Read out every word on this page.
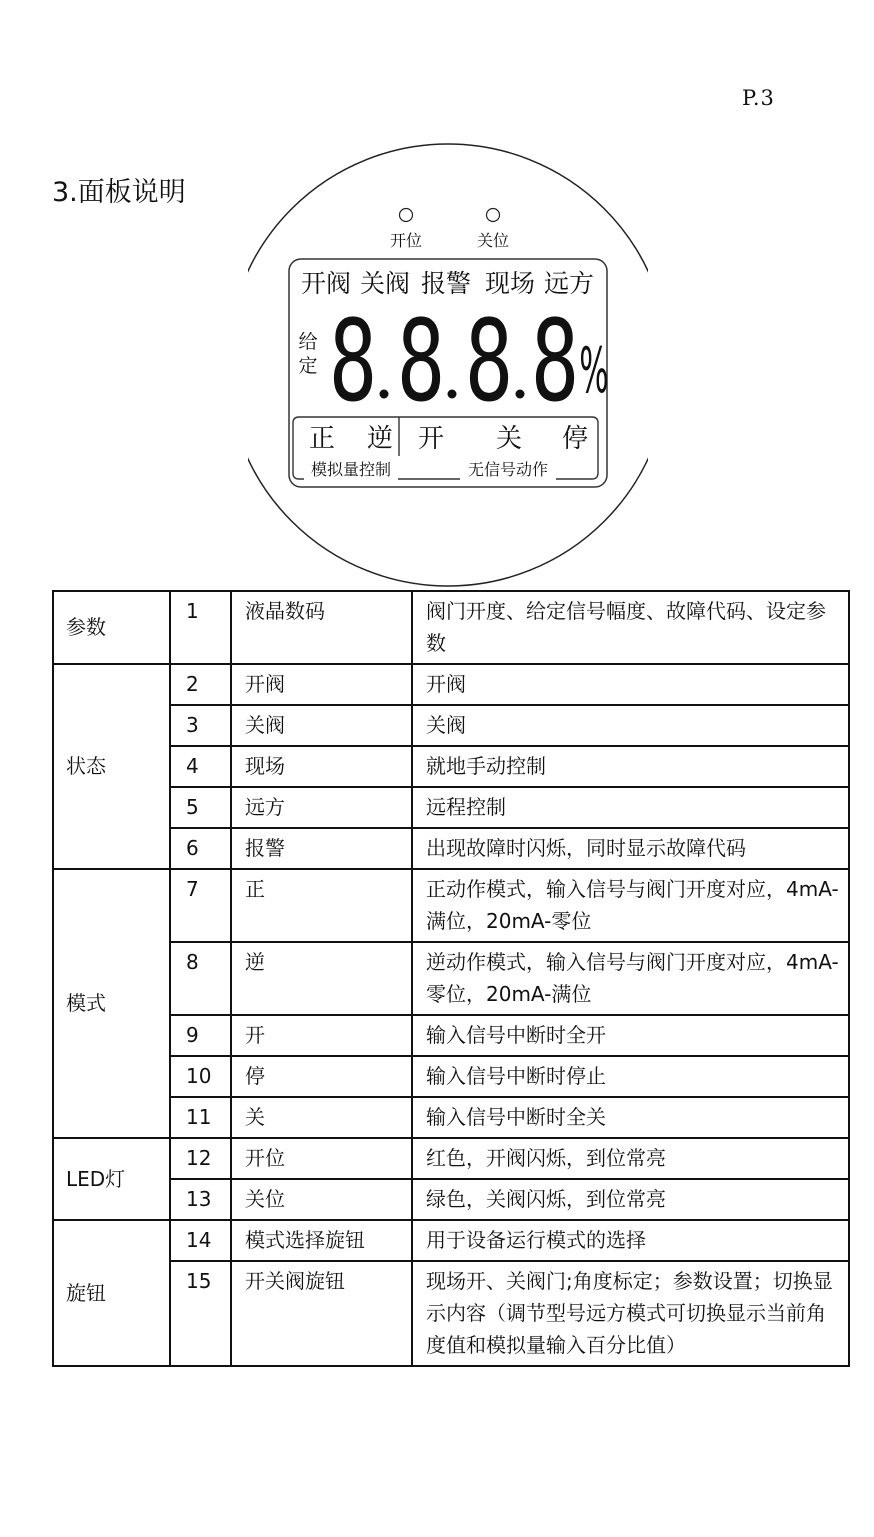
P.3
3.面板说明
开位	关位
开阀 关阀 报警 现场 远方
给
定 8 8 8 8 %
正 逆 开 关 停
模拟量控制	无信号动作
参数	1	液晶数码	阀门开度、给定信号幅度、故障代码、设定参数
状态	2	开阀	开阀
	3	关阀	关阀
	4	现场	就地手动控制
	5	远方	远程控制
	6	报警	出现故障时闪烁，同时显示故障代码
模式	7	正	正动作模式，输入信号与阀门开度对应，4mA-满位，20mA-零位
	8	逆	逆动作模式，输入信号与阀门开度对应，4mA-零位，20mA-满位
	9	开	输入信号中断时全开
	10	停	输入信号中断时停止
	11	关	输入信号中断时全关
LED灯	12	开位	红色，开阀闪烁，到位常亮
	13	关位	绿色，关阀闪烁，到位常亮
旋钮	14	模式选择旋钮	用于设备运行模式的选择
	15	开关阀旋钮	现场开、关阀门;角度标定；参数设置；切换显示内容（调节型号远方模式可切换显示当前角度值和模拟量输入百分比值）
